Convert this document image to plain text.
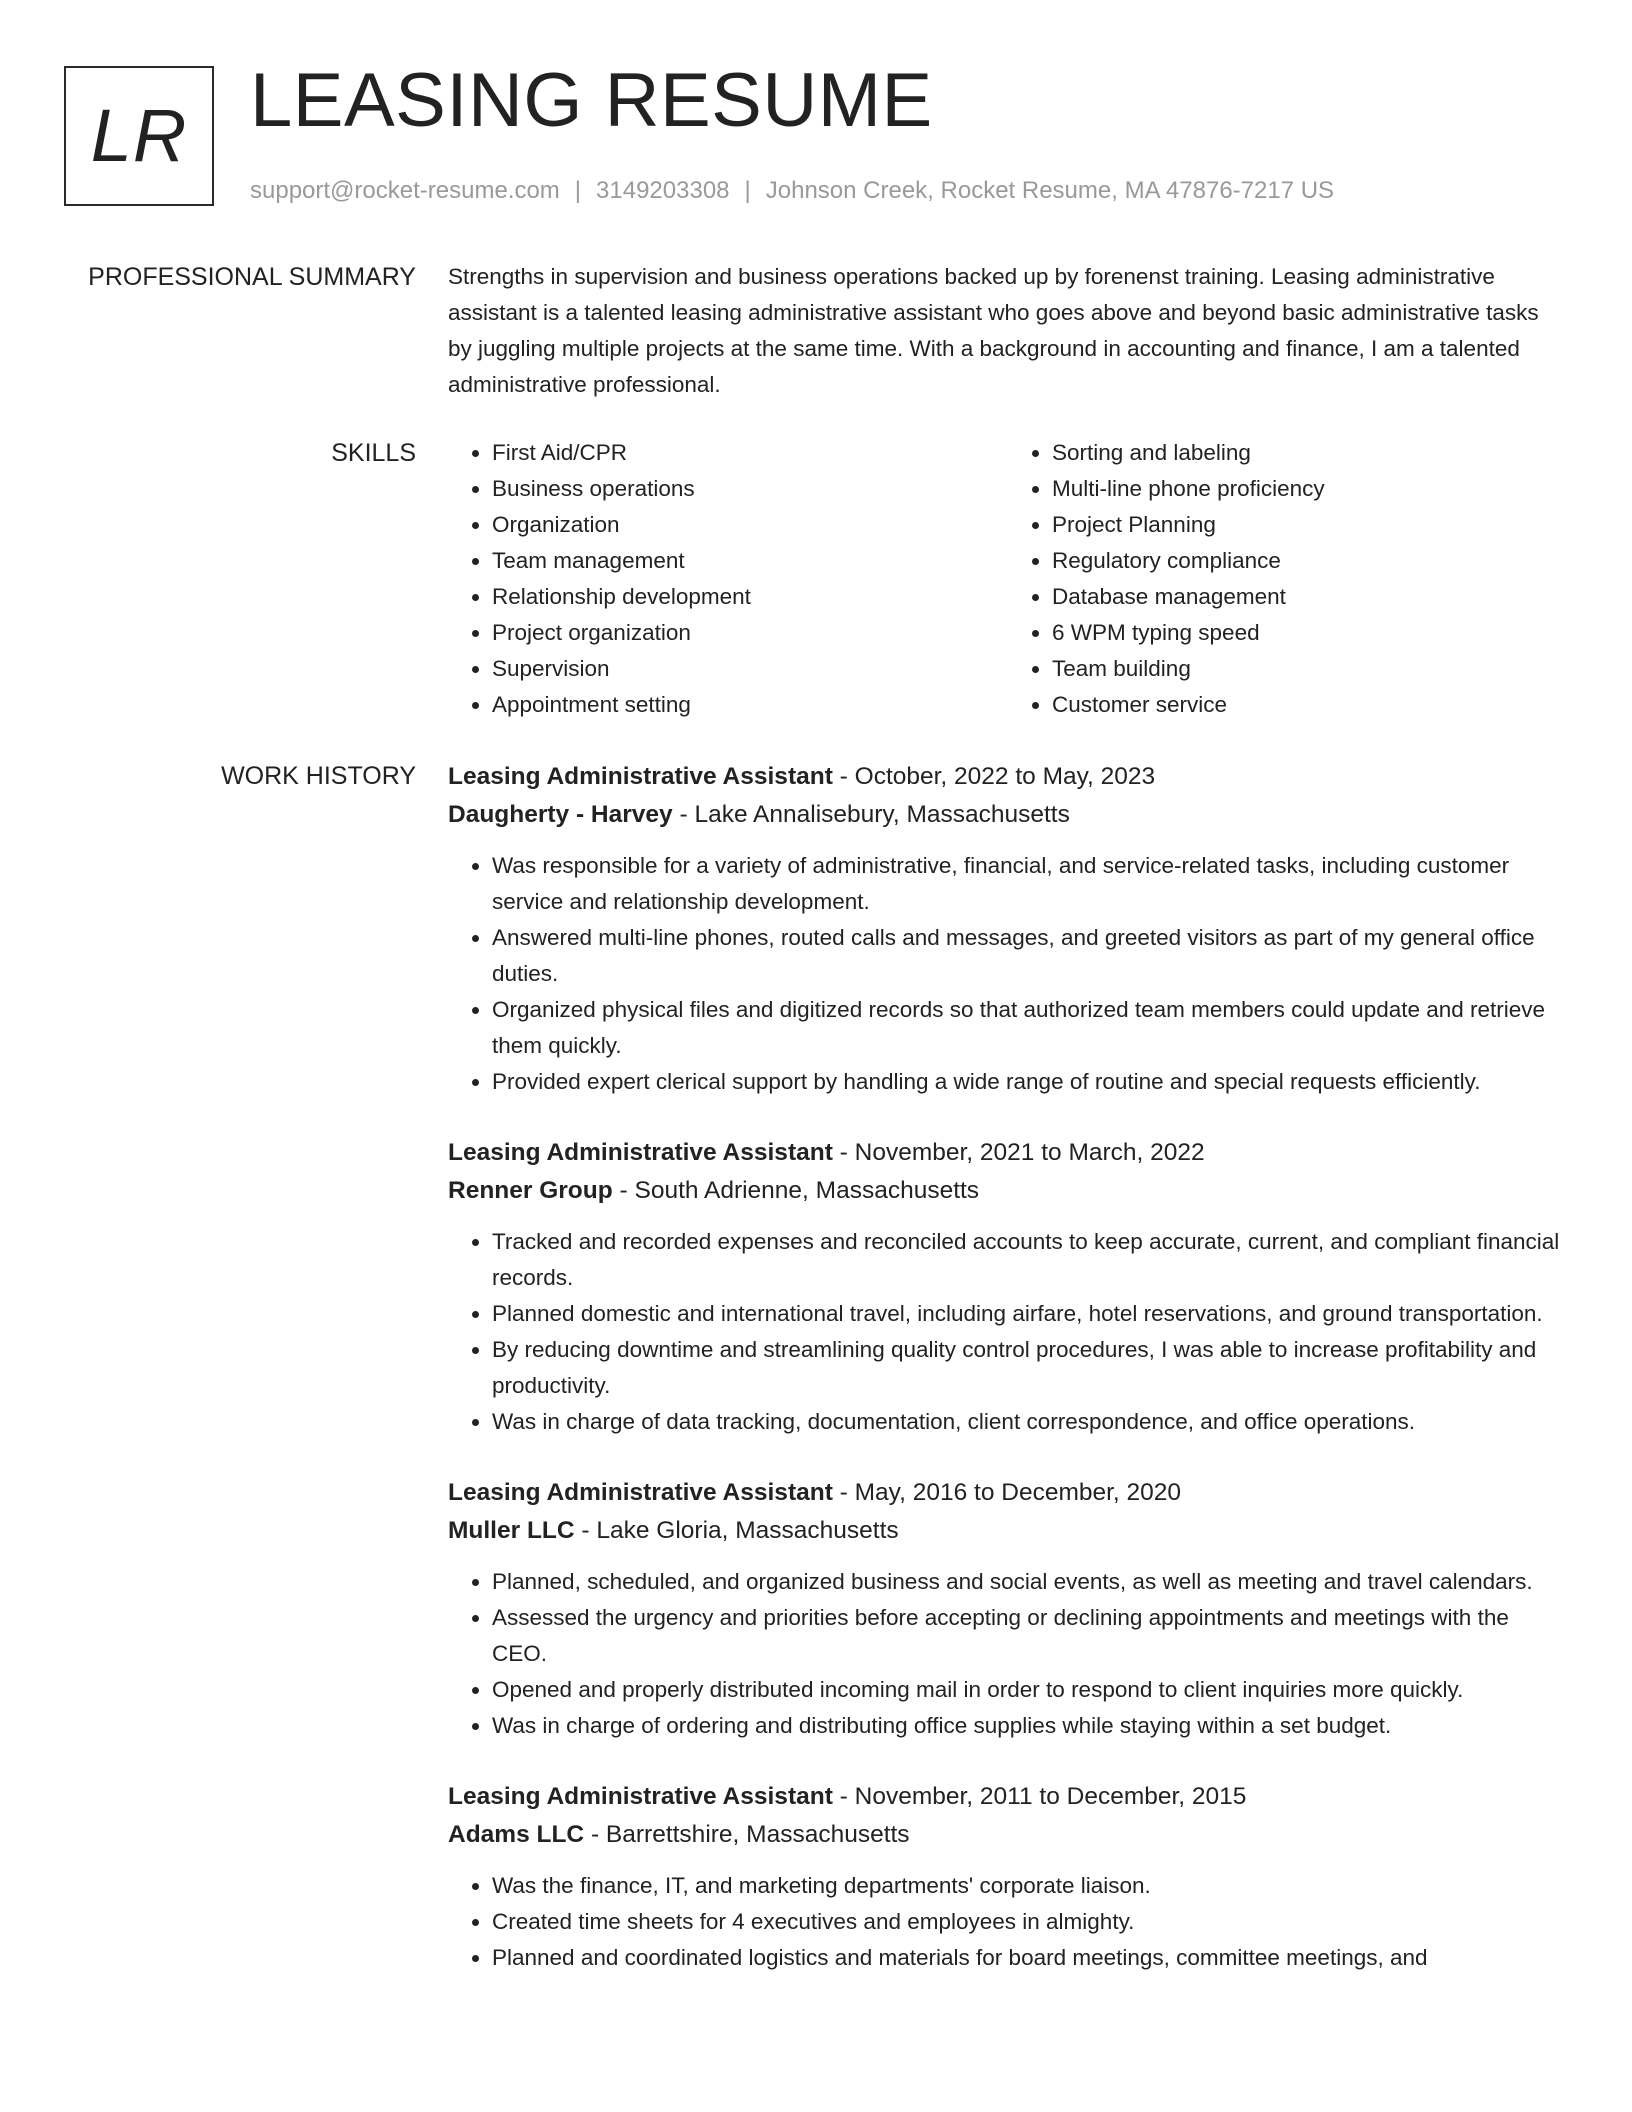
LR LEASING RESUME
support@rocket-resume.com | 3149203308 | Johnson Creek, Rocket Resume, MA 47876-7217 US
PROFESSIONAL SUMMARY Strengths in supervision and business operations backed up by forenenst training. Leasing administrative assistant is a talented leasing administrative assistant who goes above and beyond basic administrative tasks by juggling multiple projects at the same time. With a background in accounting and finance, I am a talented administrative professional.

SKILLS
•	First Aid/CPR
• Business operations
• Organization
• Team management
• Relationship development
• Project organization
• Supervision
• Appointment setting
• Sorting and labeling
• Multi-line phone proficiency
• Project Planning
• Regulatory compliance
• Database management
• 6 WPM typing speed
• Team building
• Customer service
WORK HISTORY Leasing Administrative Assistant - October, 2022 to May, 2023
Daugherty - Harvey - Lake Annalisebury, Massachusetts
• Was responsible for a variety of administrative, financial, and service-related tasks, including customer service and relationship development.
• Answered multi-line phones, routed calls and messages, and greeted visitors as part of my general office duties.
• Organized physical files and digitized records so that authorized team members could update and retrieve them quickly.
• Provided expert clerical support by handling a wide range of routine and special requests efficiently.
Leasing Administrative Assistant - November, 2021 to March, 2022
Renner Group - South Adrienne, Massachusetts
• Tracked and recorded expenses and reconciled accounts to keep accurate, current, and compliant financial records.
• Planned domestic and international travel, including airfare, hotel reservations, and ground transportation.
• By reducing downtime and streamlining quality control procedures, I was able to increase profitability and productivity.
• Was in charge of data tracking, documentation, client correspondence, and office operations.
Leasing Administrative Assistant - May, 2016 to December, 2020
Muller LLC - Lake Gloria, Massachusetts
• Planned, scheduled, and organized business and social events, as well as meeting and travel calendars.
• Assessed the urgency and priorities before accepting or declining appointments and meetings with the CEO.
• Opened and properly distributed incoming mail in order to respond to client inquiries more quickly.
• Was in charge of ordering and distributing office supplies while staying within a set budget.
Leasing Administrative Assistant - November, 2011 to December, 2015
Adams LLC - Barrettshire, Massachusetts
• Was the finance, IT, and marketing departments' corporate liaison.
• Created time sheets for 4 executives and employees in almighty.
• Planned and coordinated logistics and materials for board meetings, committee meetings, and
